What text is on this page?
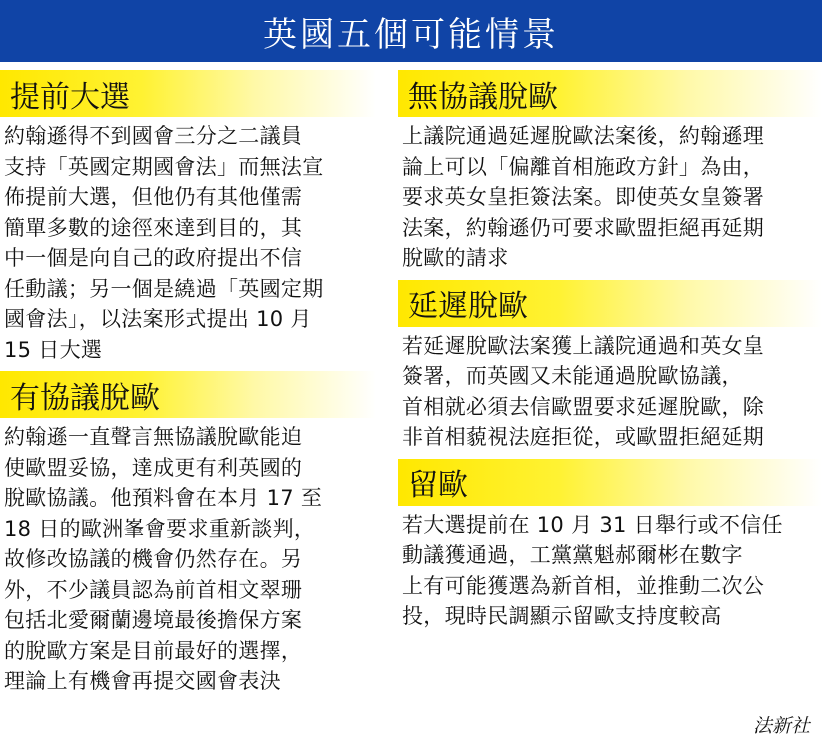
英國五個可能情景
提前大選
約翰遜得不到國會三分之二議員
支持「英國定期國會法」而無法宣
佈提前大選，但他仍有其他僅需
簡單多數的途徑來達到目的，其
中一個是向自己的政府提出不信
任動議；另一個是繞過「英國定期
國會法」，以法案形式提出 10 月
15 日大選
有協議脫歐
約翰遜一直聲言無協議脫歐能迫
使歐盟妥協，達成更有利英國的
脫歐協議。他預料會在本月 17 至
18 日的歐洲峯會要求重新談判，
故修改協議的機會仍然存在。另
外，不少議員認為前首相文翠珊
包括北愛爾蘭邊境最後擔保方案
的脫歐方案是目前最好的選擇，
理論上有機會再提交國會表決
無協議脫歐
上議院通過延遲脫歐法案後，約翰遜理
論上可以「偏離首相施政方針」為由，
要求英女皇拒簽法案。即使英女皇簽署
法案，約翰遜仍可要求歐盟拒絕再延期
脫歐的請求
延遲脫歐
若延遲脫歐法案獲上議院通過和英女皇
簽署，而英國又未能通過脫歐協議，
首相就必須去信歐盟要求延遲脫歐，除
非首相藐視法庭拒從，或歐盟拒絕延期
留歐
若大選提前在 10 月 31 日舉行或不信任
動議獲通過，工黨黨魁郝爾彬在數字
上有可能獲選為新首相，並推動二次公
投，現時民調顯示留歐支持度較高
法新社
